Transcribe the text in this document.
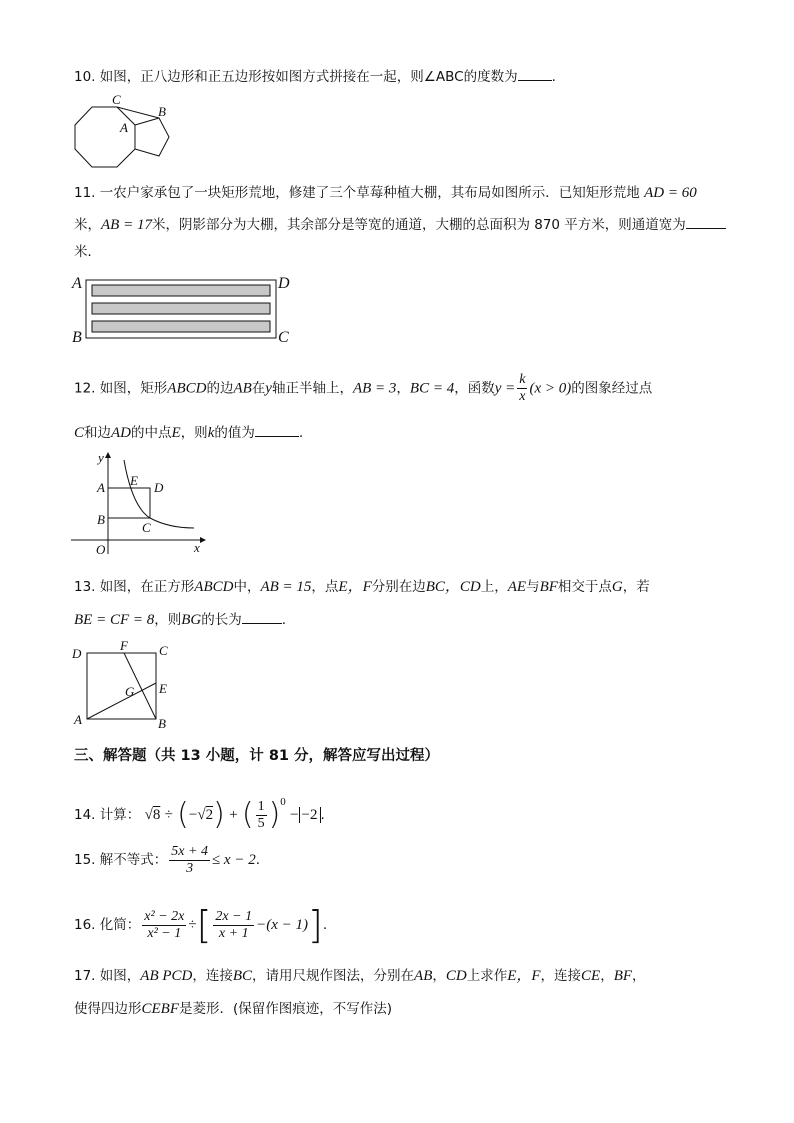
10. 如图，正八边形和正五边形按如图方式拼接在一起，则∠ABC的度数为	.
C
B
A
11. 一农户家承包了一块矩形荒地，修建了三个草莓种植大棚，其布局如图所示．已知矩形荒地 AD = 60
米，AB = 17米，阴影部分为大棚，其余部分是等宽的通道，大棚的总面积为 870 平方米，则通道宽为
米．
A	D
B	C
12. 如图，矩形ABCD的边AB在y轴正半轴上，AB = 3，BC = 4，函数$y = \frac{k}{x} (x > 0)$的图象经过点
C和边AD的中点E，则k的值为	.
y
x
O
A
B
C
D
E
13. 如图，在正方形ABCD中，AB = 15，点E，F分别在边BC，CD上，AE与BF相交于点G，若
BE = CF = 8，则BG的长为	.
D
F C
G E
A	B
三、解答题（共 13 小题，计 81 分，解答应写出过程）
14. 计算： √8 ÷ (−√2) + ( $\frac{1}{5} )^0 - -2$ .
15. 解不等式： $\frac{5x + 4}{3} \le x - 2$.
16. 化简： $\frac{\text{x² − 2x}}{\text{x² − 1}}$ ÷[ $\frac{2x - 1}{x + 1} -(x - 1)$].
17. 如图，AB PCD，连接BC，请用尺规作图法，分别在AB，CD上求作E，F，连接CE，BF，
使得四边形CEBF是菱形．(保留作图痕迹，不写作法)
